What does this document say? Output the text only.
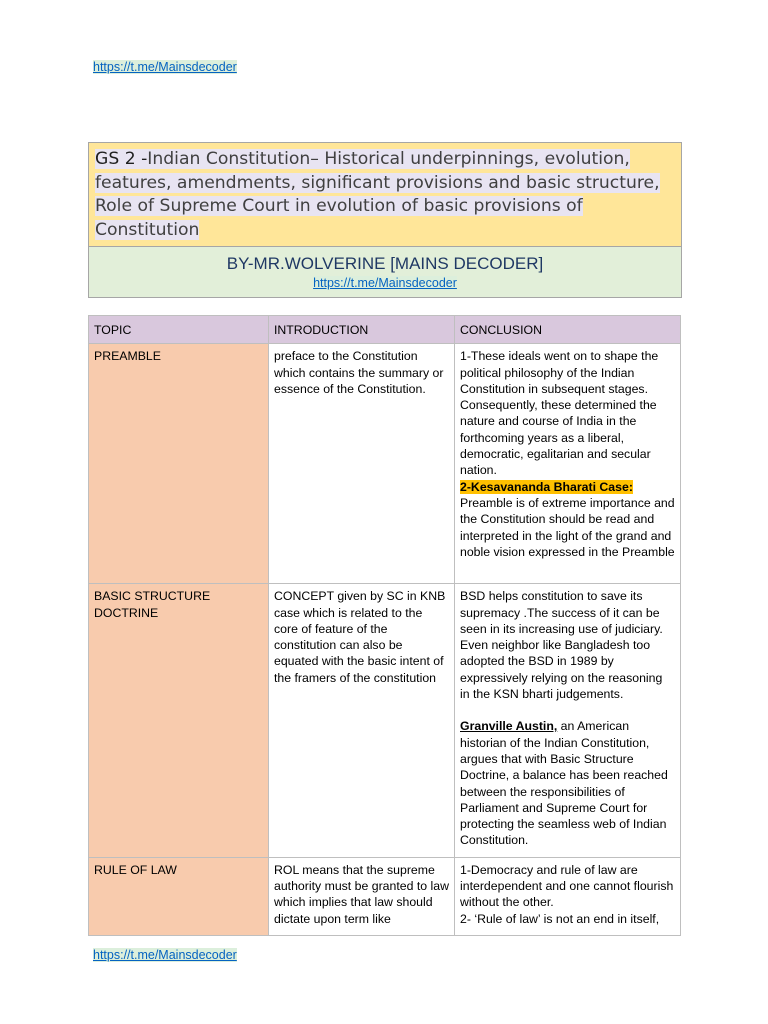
https://t.me/Mainsdecoder
GS 2 -Indian Constitution– Historical underpinnings, evolution, features, amendments, significant provisions and basic structure, Role of Supreme Court in evolution of basic provisions of Constitution
BY-MR.WOLVERINE [MAINS DECODER]
https://t.me/Mainsdecoder
TOPIC	INTRODUCTION	CONCLUSION
PREAMBLE	preface to the Constitution which contains the summary or essence of the Constitution.	1-These ideals went on to shape the political philosophy of the Indian Constitution in subsequent stages. Consequently, these determined the nature and course of India in the forthcoming years as a liberal, democratic, egalitarian and secular nation.
2-Kesavananda Bharati Case:
Preamble is of extreme importance and the Constitution should be read and interpreted in the light of the grand and noble vision expressed in the Preamble

BASIC STRUCTURE DOCTRINE	CONCEPT given by SC in KNB case which is related to the core of feature of the constitution can also be equated with the basic intent of the framers of the constitution	BSD helps constitution to save its supremacy .The success of it can be seen in its increasing use of judiciary. Even neighbor like Bangladesh too adopted the BSD in 1989 by expressively relying on the reasoning in the KSN bharti judgements.
Granville Austin, an American historian of the Indian Constitution, argues that with Basic Structure Doctrine, a balance has been reached between the responsibilities of Parliament and Supreme Court for protecting the seamless web of Indian Constitution.

RULE OF LAW	ROL means that the supreme authority must be granted to law which implies that law should dictate upon term like	1-Democracy and rule of law are interdependent and one cannot flourish without the other.
2- ‘Rule of law’ is not an end in itself,
https://t.me/Mainsdecoder
